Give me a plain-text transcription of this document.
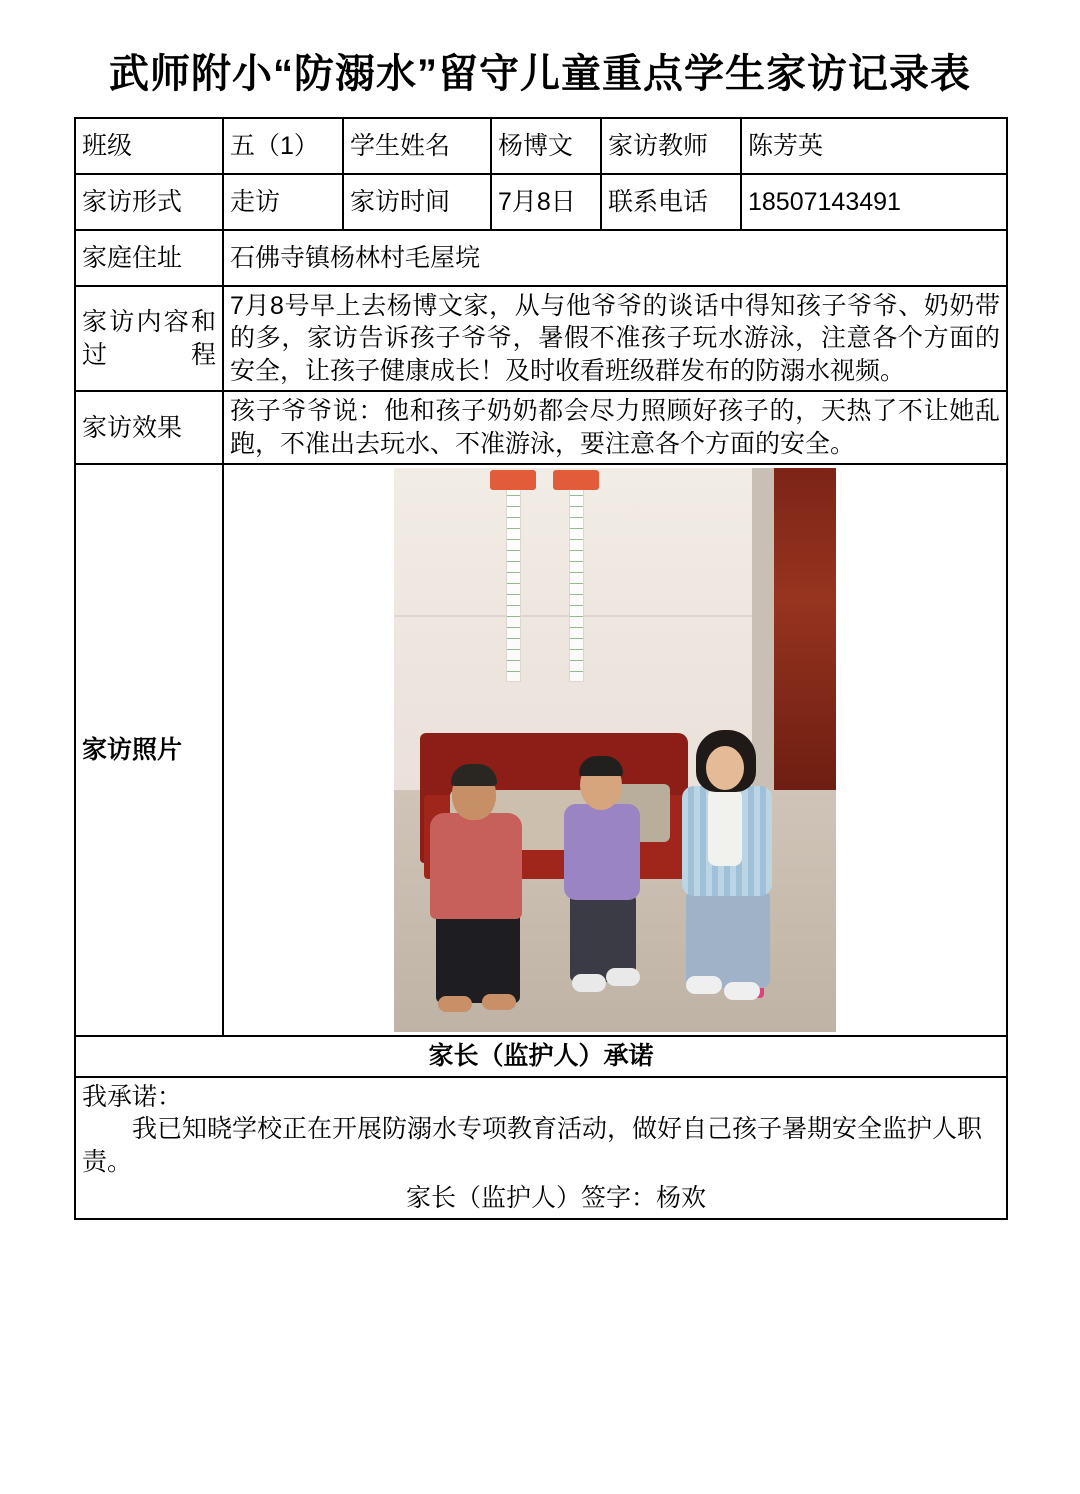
武师附小“防溺水”留守儿童重点学生家访记录表
班级	五（1）	学生姓名	杨博文	家访教师	陈芳英
家访形式	走访	家访时间	7月8日	联系电话	18507143491
家庭住址	石佛寺镇杨林村毛屋垸				
家访内容和过程	7月8号早上去杨博文家，从与他爷爷的谈话中得知孩子爷爷、奶奶带的多，家访告诉孩子爷爷，暑假不准孩子玩水游泳，注意各个方面的安全，让孩子健康成长！及时收看班级群发布的防溺水视频。				
家访效果	孩子爷爷说：他和孩子奶奶都会尽力照顾好孩子的，天热了不让她乱跑，不准出去玩水、不准游泳，要注意各个方面的安全。				
家访照片					

家长（监护人）承诺					

我承诺：
我已知晓学校正在开展防溺水专项教育活动，做好自己孩子暑期安全监护人职责。
家长（监护人）签字：杨欢					
